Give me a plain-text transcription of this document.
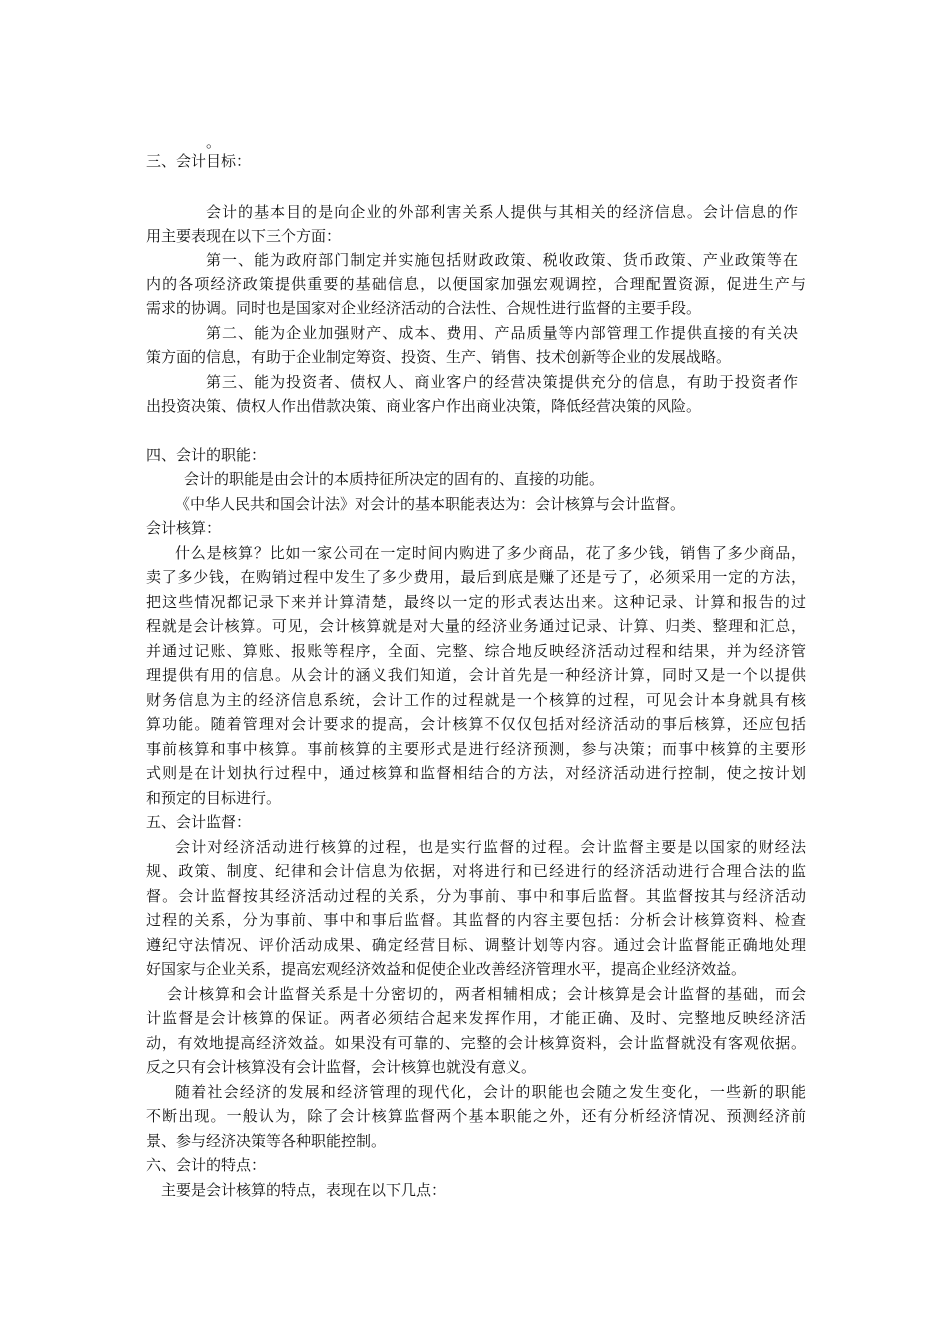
。
三、会计目标：
会计的基本目的是向企业的外部利害关系人提供与其相关的经济信息。会计信息的作
用主要表现在以下三个方面：
第一、能为政府部门制定并实施包括财政政策、税收政策、货币政策、产业政策等在
内的各项经济政策提供重要的基础信息，以便国家加强宏观调控，合理配置资源，促进生产与
需求的协调。同时也是国家对企业经济活动的合法性、合规性进行监督的主要手段。
第二、能为企业加强财产、成本、费用、产品质量等内部管理工作提供直接的有关决
策方面的信息，有助于企业制定筹资、投资、生产、销售、技术创新等企业的发展战略。
第三、能为投资者、债权人、商业客户的经营决策提供充分的信息，有助于投资者作
出投资决策、债权人作出借款决策、商业客户作出商业决策，降低经营决策的风险。
四、会计的职能：
会计的职能是由会计的本质持征所决定的固有的、直接的功能。
《中华人民共和国会计法》对会计的基本职能表达为：会计核算与会计监督。
会计核算：
什么是核算？比如一家公司在一定时间内购进了多少商品，花了多少钱，销售了多少商品，
卖了多少钱，在购销过程中发生了多少费用，最后到底是赚了还是亏了，必须采用一定的方法，
把这些情况都记录下来并计算清楚，最终以一定的形式表达出来。这种记录、计算和报告的过
程就是会计核算。可见，会计核算就是对大量的经济业务通过记录、计算、归类、整理和汇总，
并通过记账、算账、报账等程序，全面、完整、综合地反映经济活动过程和结果，并为经济管
理提供有用的信息。从会计的涵义我们知道，会计首先是一种经济计算，同时又是一个以提供
财务信息为主的经济信息系统，会计工作的过程就是一个核算的过程，可见会计本身就具有核
算功能。随着管理对会计要求的提高，会计核算不仅仅包括对经济活动的事后核算，还应包括
事前核算和事中核算。事前核算的主要形式是进行经济预测，参与决策；而事中核算的主要形
式则是在计划执行过程中，通过核算和监督相结合的方法，对经济活动进行控制，使之按计划
和预定的目标进行。
五、会计监督：
会计对经济活动进行核算的过程，也是实行监督的过程。会计监督主要是以国家的财经法
规、政策、制度、纪律和会计信息为依据，对将进行和已经进行的经济活动进行合理合法的监
督。会计监督按其经济活动过程的关系，分为事前、事中和事后监督。其监督按其与经济活动
过程的关系，分为事前、事中和事后监督。其监督的内容主要包括：分析会计核算资料、检查
遵纪守法情况、评价活动成果、确定经营目标、调整计划等内容。通过会计监督能正确地处理
好国家与企业关系，提高宏观经济效益和促使企业改善经济管理水平，提高企业经济效益。
会计核算和会计监督关系是十分密切的，两者相辅相成；会计核算是会计监督的基础，而会
计监督是会计核算的保证。两者必须结合起来发挥作用，才能正确、及时、完整地反映经济活
动，有效地提高经济效益。如果没有可靠的、完整的会计核算资料，会计监督就没有客观依据。
反之只有会计核算没有会计监督，会计核算也就没有意义。
随着社会经济的发展和经济管理的现代化，会计的职能也会随之发生变化，一些新的职能
不断出现。一般认为，除了会计核算监督两个基本职能之外，还有分析经济情况、预测经济前
景、参与经济决策等各种职能控制。
六、会计的特点：
主要是会计核算的特点，表现在以下几点：
